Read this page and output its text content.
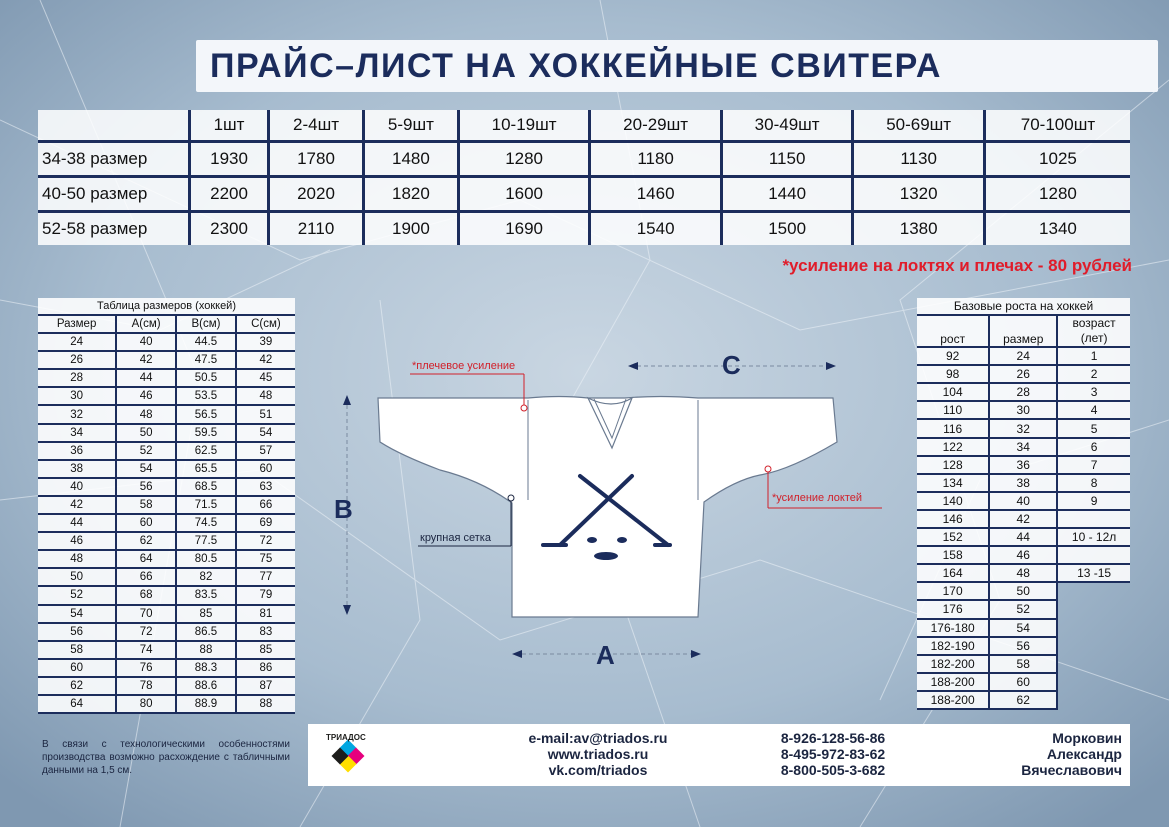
ПРАЙС–ЛИСТ НА ХОККЕЙНЫЕ СВИТЕРА
	1шт	2-4шт	5-9шт	10-19шт	20-29шт	30-49шт	50-69шт	70-100шт
34-38 размер	1930	1780	1480	1280	1180	1150	1130	1025
40-50 размер	2200	2020	1820	1600	1460	1440	1320	1280
52-58 размер	2300	2110	1900	1690	1540	1500	1380	1340
*усиление на локтях и плечах - 80 рублей
Таблица размеров (хоккей)			
Размер	A(см)	B(см)	C(см)
24	40	44.5	39
26	42	47.5	42
28	44	50.5	45
30	46	53.5	48
32	48	56.5	51
34	50	59.5	54
36	52	62.5	57
38	54	65.5	60
40	56	68.5	63
42	58	71.5	66
44	60	74.5	69
46	62	77.5	72
48	64	80.5	75
50	66	82	77
52	68	83.5	79
54	70	85	81
56	72	86.5	83
58	74	88	85
60	76	88.3	86
62	78	88.6	87
64	80	88.9	88
Базовые роста на хоккей		
рост	размер	возраст
(лет)
92	24	1
98	26	2
104	28	3
110	30	4
116	32	5
122	34	6
128	36	7
134	38	8
140	40	9
146	42	
152	44	10 - 12л
158	46	
164	48	13 -15
170	50	
176	52	
176-180	54	
182-190	56	
182-200	58	
188-200	60	
188-200	62	
*плечевое усиление
*усиление локтей
крупная сетка
B
A
C
В связи с технологическими особенностями производства возможно расхождение с табличными данными на 1,5 см.
ТРИАДОС	e-mail:av@triados.ru
www.triados.ru
vk.com/triados
8-926-128-56-86
8-495-972-83-62
8-800-505-3-682
Морковин
Александр
Вячеславович
